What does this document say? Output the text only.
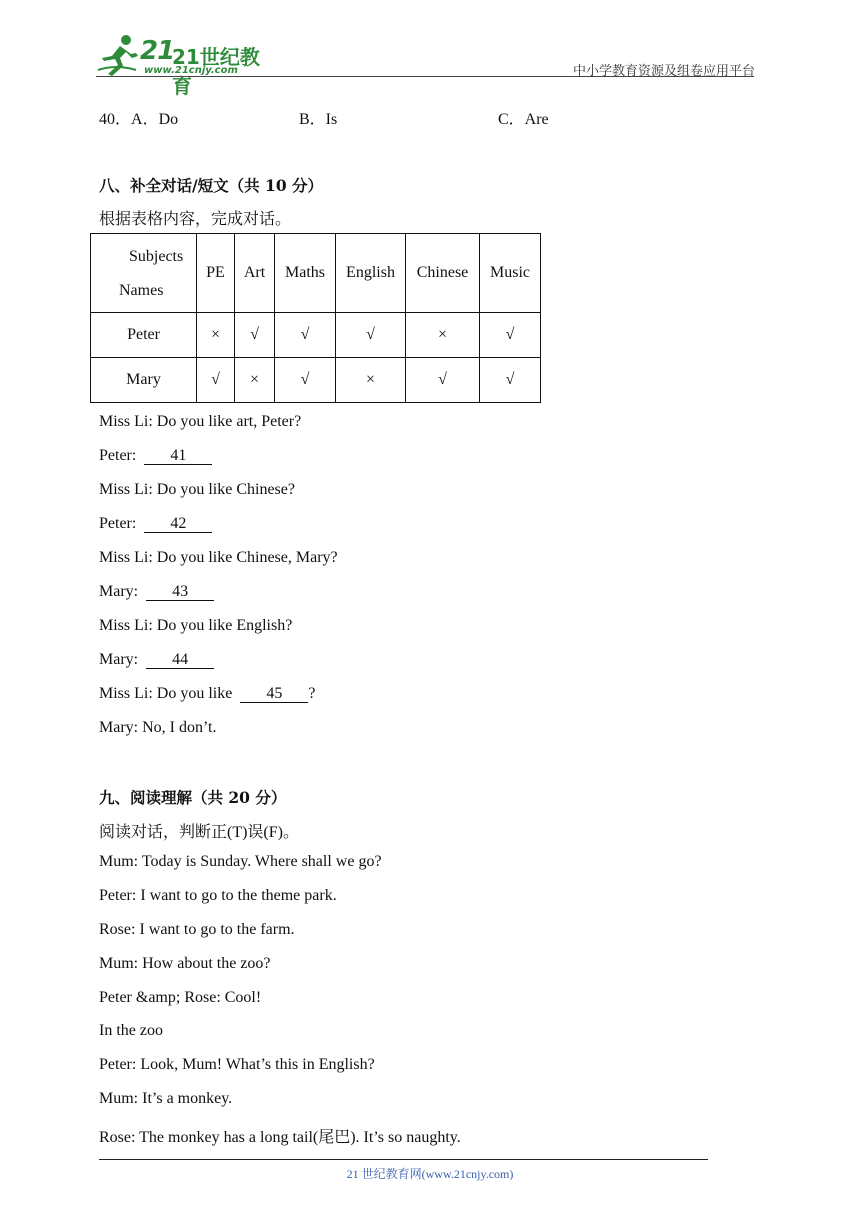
21
21世纪教育
www.21cnjy.com	中小学教育资源及组卷应用平台
40．A．Do	B．Is	C．Are
八、补全对话/短文（共 10 分）
根据表格内容，完成对话。
Subjects
Names	PE	Art	Maths	English	Chinese	Music
Peter	×	√	√	√	×	√
Mary	√	×	√	×	√	√
Miss Li: Do you like art, Peter?
Peter: 41
Miss Li: Do you like Chinese?
Peter: 42
Miss Li: Do you like Chinese, Mary?
Mary: 43
Miss Li: Do you like English?
Mary: 44
Miss Li: Do you like 45 ?
Mary: No, I don’t.
九、阅读理解（共 20 分）
阅读对话，判断正(T)误(F)。
Mum: Today is Sunday. Where shall we go?
Peter: I want to go to the theme park.
Rose: I want to go to the farm.
Mum: How about the zoo?
Peter &amp; Rose: Cool!
In the zoo
Peter: Look, Mum! What’s this in English?
Mum: It’s a monkey.
Rose: The monkey has a long tail(尾巴). It’s so naughty.
21 世纪教育网(www.21cnjy.com)
